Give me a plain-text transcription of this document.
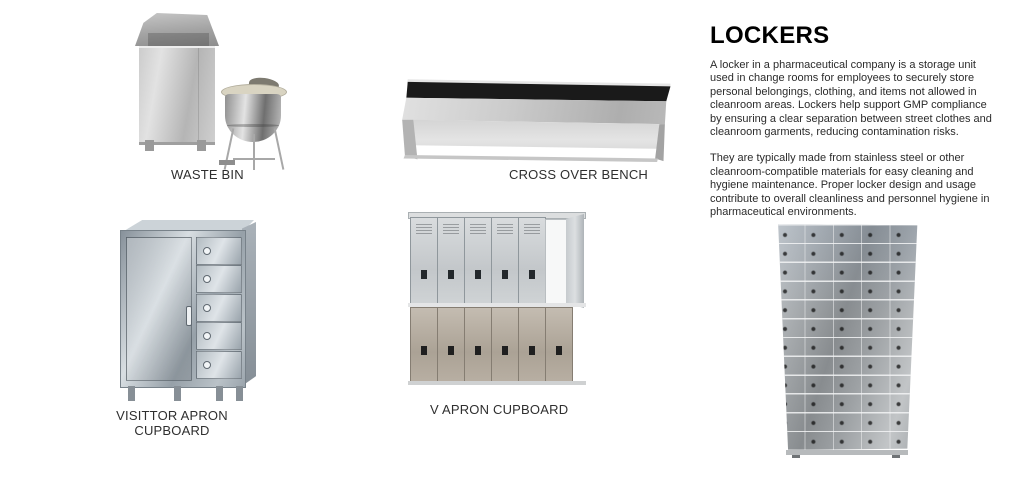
WASTE BIN	CROSS OVER BENCH
LOCKERS

A locker in a pharmaceutical company is a storage unit used in change rooms for employees to securely store personal belongings, clothing, and items not allowed in cleanroom areas. Lockers help support GMP compliance by ensuring a clear separation between street clothes and cleanroom garments, reducing contamination risks.

They are typically made from stainless steel or other cleanroom-compatible materials for easy cleaning and hygiene maintenance. Proper locker design and usage contribute to overall cleanliness and personnel hygiene in pharmaceutical environments.

VISITTOR APRON CUPBOARD
V APRON CUPBOARD
